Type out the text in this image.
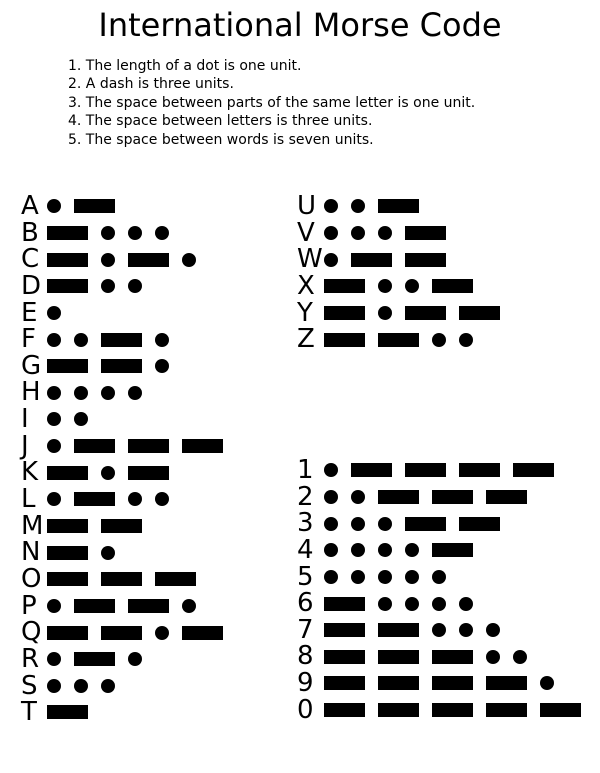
International Morse Code
1. The length of a dot is one unit.
2. A dash is three units.
3. The space between parts of the same letter is one unit.
4. The space between letters is three units.
5. The space between words is seven units.
A
B
C
D
E
F
G
H
I
J
K
L
M
N
O
P
Q
R
S
T
U
V
W
X
Y
Z
1
2
3
4
5
6
7
8
9
0
